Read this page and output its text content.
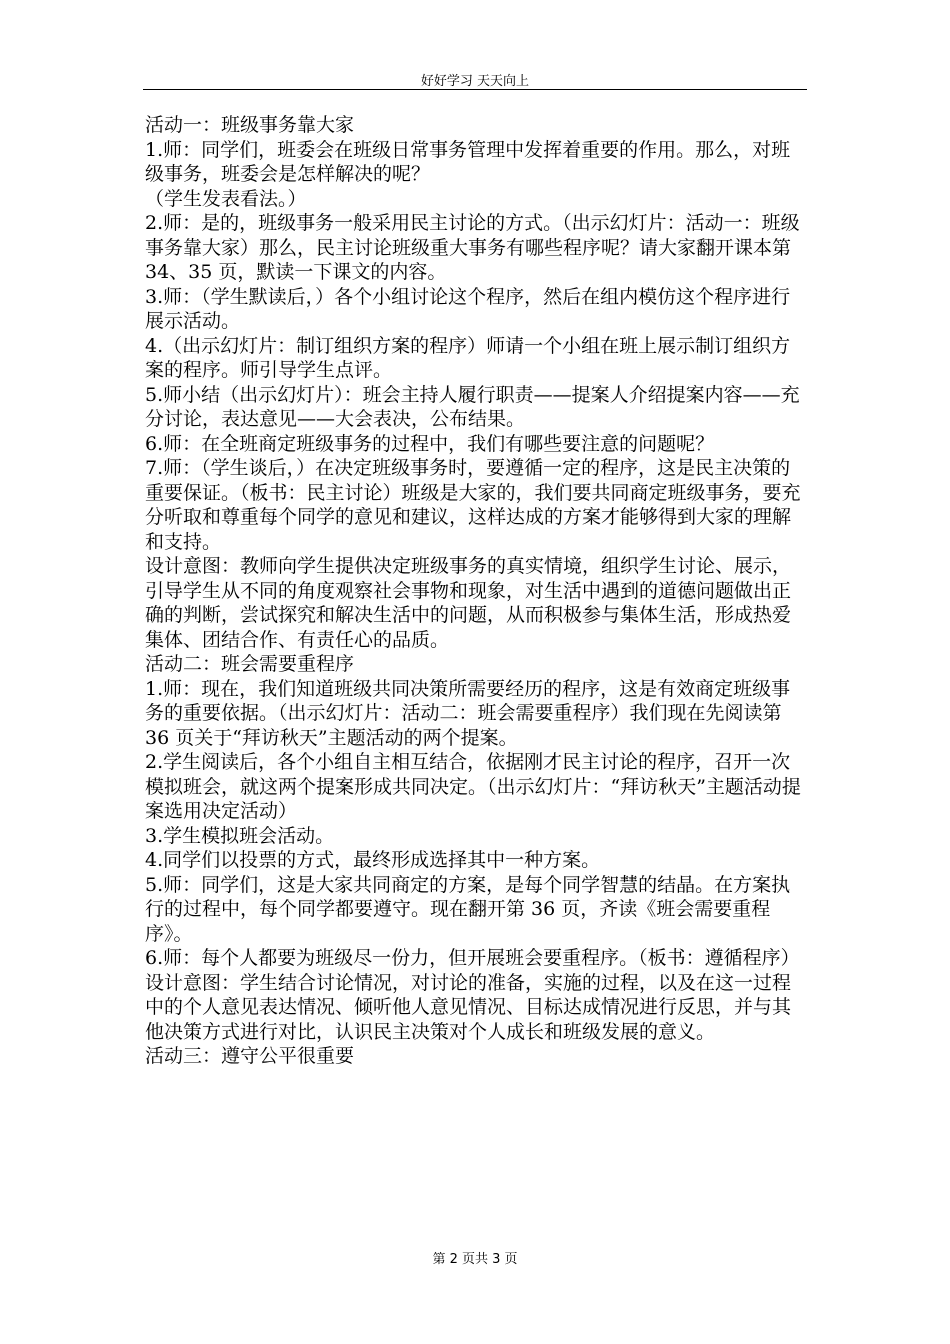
好好学习 天天向上

活动一：班级事务靠大家

1.师：同学们，班委会在班级日常事务管理中发挥着重要的作用。那么，对班级事务，班委会是怎样解决的呢？

（学生发表看法。）

2.师：是的，班级事务一般采用民主讨论的方式。（出示幻灯片：活动一：班级事务靠大家）那么，民主讨论班级重大事务有哪些程序呢？请大家翻开课本第 34、35 页，默读一下课文的内容。

3.师：（学生默读后，）各个小组讨论这个程序，然后在组内模仿这个程序进行展示活动。

4.（出示幻灯片：制订组织方案的程序）师请一个小组在班上展示制订组织方案的程序。师引导学生点评。

5.师小结（出示幻灯片）：班会主持人履行职责——提案人介绍提案内容——充分讨论，表达意见——大会表决，公布结果。

6.师：在全班商定班级事务的过程中，我们有哪些要注意的问题呢？

7.师：（学生谈后，）在决定班级事务时，要遵循一定的程序，这是民主决策的重要保证。（板书：民主讨论）班级是大家的，我们要共同商定班级事务，要充分听取和尊重每个同学的意见和建议，这样达成的方案才能够得到大家的理解和支持。

设计意图：教师向学生提供决定班级事务的真实情境，组织学生讨论、展示，引导学生从不同的角度观察社会事物和现象，对生活中遇到的道德问题做出正确的判断，尝试探究和解决生活中的问题，从而积极参与集体生活，形成热爱集体、团结合作、有责任心的品质。

活动二：班会需要重程序

1.师：现在，我们知道班级共同决策所需要经历的程序，这是有效商定班级事务的重要依据。（出示幻灯片：活动二：班会需要重程序）我们现在先阅读第 36 页关于“拜访秋天”主题活动的两个提案。

2.学生阅读后，各个小组自主相互结合，依据刚才民主讨论的程序，召开一次模拟班会，就这两个提案形成共同决定。（出示幻灯片：“拜访秋天”主题活动提案选用决定活动）

3.学生模拟班会活动。

4.同学们以投票的方式，最终形成选择其中一种方案。

5.师：同学们，这是大家共同商定的方案，是每个同学智慧的结晶。在方案执行的过程中，每个同学都要遵守。现在翻开第 36 页，齐读《班会需要重程序》。

6.师：每个人都要为班级尽一份力，但开展班会要重程序。（板书：遵循程序）

设计意图：学生结合讨论情况，对讨论的准备，实施的过程，以及在这一过程中的个人意见表达情况、倾听他人意见情况、目标达成情况进行反思，并与其他决策方式进行对比，认识民主决策对个人成长和班级发展的意义。

活动三：遵守公平很重要

第 2 页共 3 页
